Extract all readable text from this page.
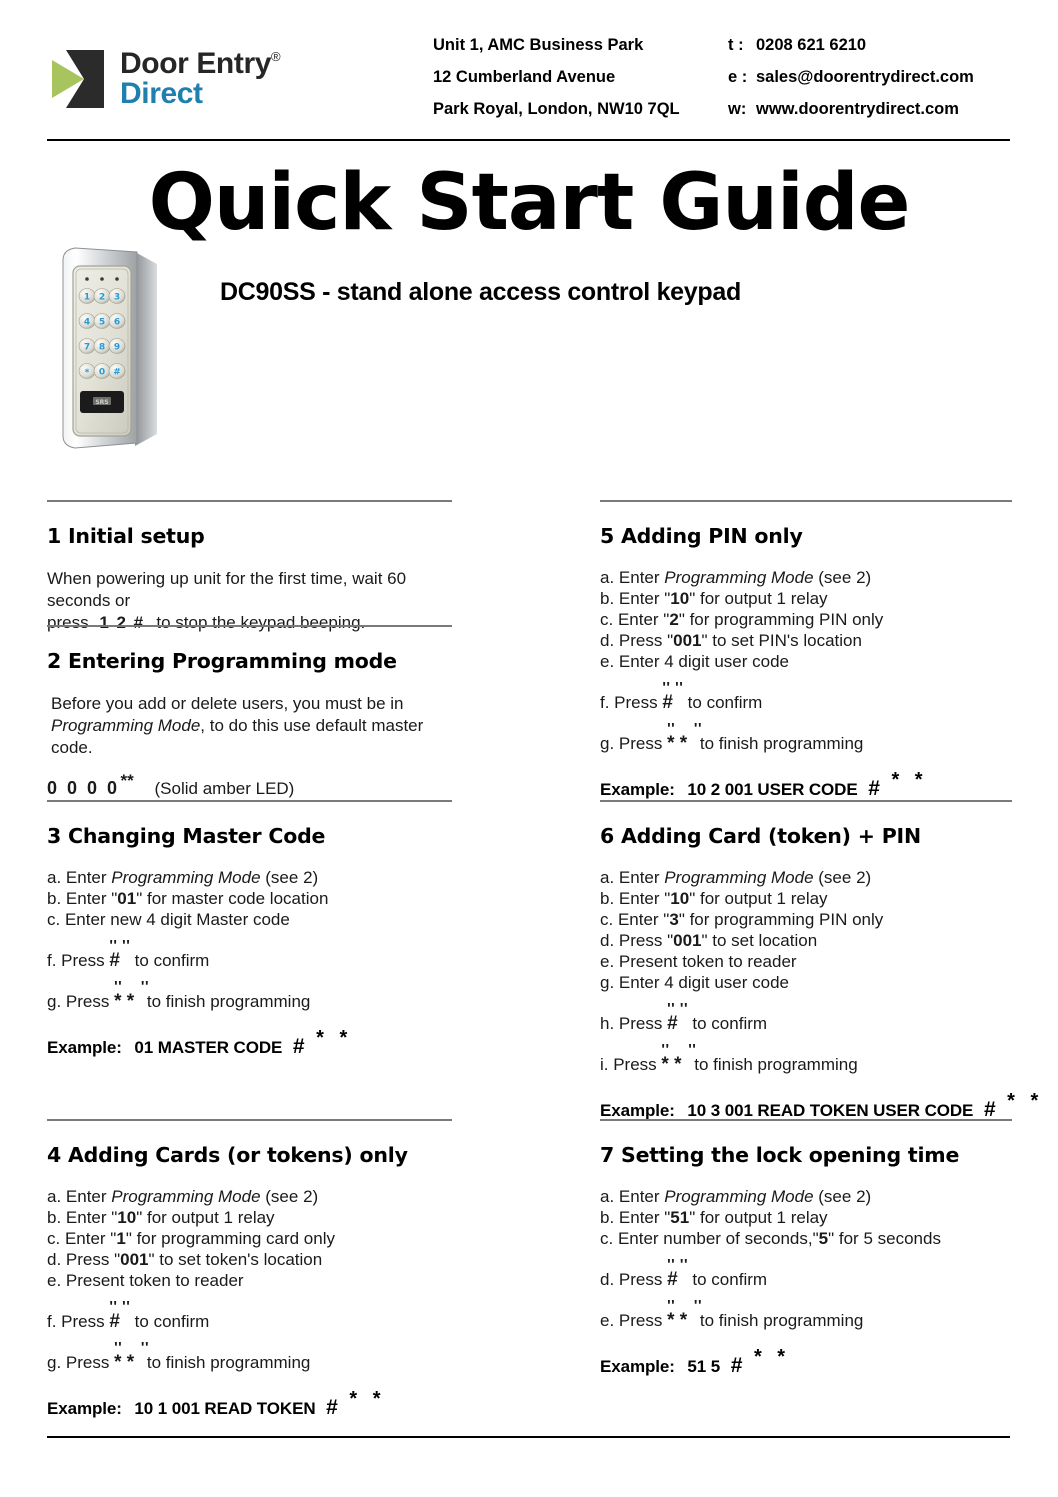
Door Entry®
Direct
Unit 1, AMC Business Park	t : 0208 621 6210
12 Cumberland Avenue	e : sales@doorentrydirect.com
Park Royal, London, NW10 7QL	w: www.doorentrydirect.com
Quick Start Guide
DC90SS - stand alone access control keypad
1 2 3
4 5 6
7 8 9
* 0 #
SRS
1 Initial setup
When powering up unit for the first time, wait 60 seconds or
press 1 2 # to stop the keypad beeping.
2 Entering Programming mode
Before you add or delete users, you must be in
Programming Mode, to do this use default master
code.
0 0 0 0** (Solid amber LED)
3 Changing Master Code
a. Enter Programming Mode (see 2)
b. Enter "01" for master code location
c. Enter new 4 digit Master code
f. Press
'' ''
# to confirm
g. Press
''    ''
* * to finish programming
Example: 01 MASTER CODE # * *
4 Adding Cards (or tokens) only
a. Enter Programming Mode (see 2)
b. Enter "10" for output 1 relay
c. Enter "1" for programming card only
d. Press "001" to set token's location
e. Present token to reader
f. Press
'' ''
# to confirm
g. Press
''    ''
* * to finish programming
Example: 10 1 001 READ TOKEN # * *
5 Adding PIN only
a. Enter Programming Mode (see 2)
b. Enter "10" for output 1 relay
c. Enter "2" for programming PIN only
d. Press "001" to set PIN's location
e. Enter 4 digit user code
f. Press
'' ''
# to confirm
g. Press
''    ''
* * to finish programming
Example: 10 2 001 USER CODE # * *
6 Adding Card (token) + PIN
a. Enter Programming Mode (see 2)
b. Enter "10" for output 1 relay
c. Enter "3" for programming PIN only
d. Press "001" to set location
e. Present token to reader
g. Enter 4 digit user code
h. Press
'' ''
# to confirm
i. Press
''    ''
* * to finish programming
Example: 10 3 001 READ TOKEN USER CODE # * *
7 Setting the lock opening time
a. Enter Programming Mode (see 2)
b. Enter "51" for output 1 relay
c. Enter number of seconds,"5" for 5 seconds
d. Press
'' ''
# to confirm
e. Press
''    ''
* * to finish programming
Example: 51 5 # * *
